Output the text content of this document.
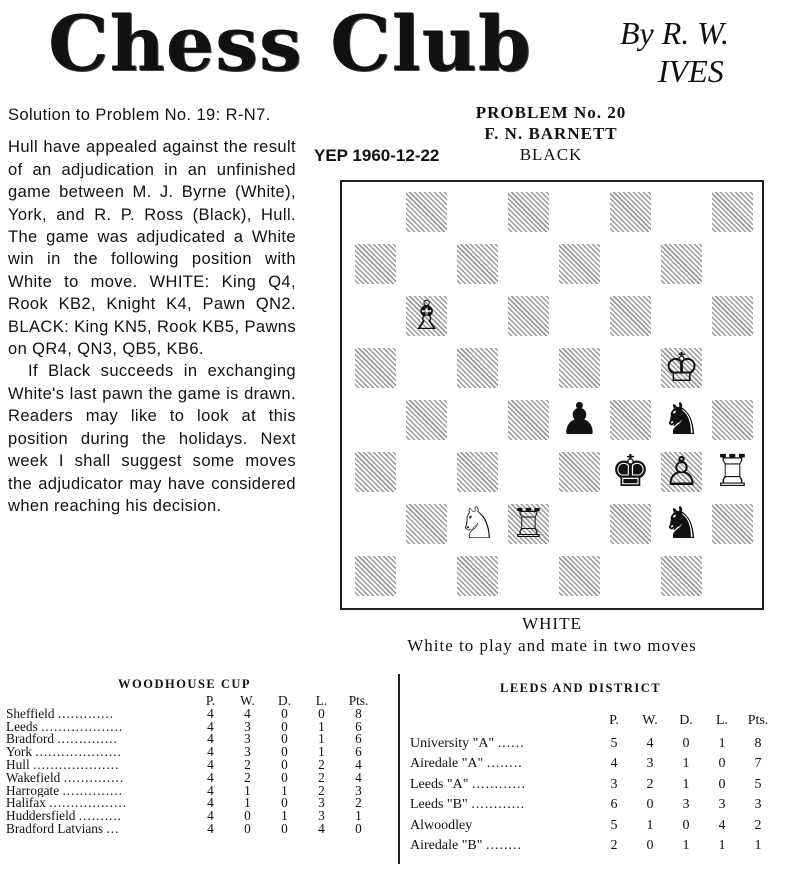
Chess Club	By R. W.
IVES

Solution to Problem No. 19: R-N7.

Hull have appealed against the result of an adjudication in an unfinished game between M. J. Byrne (White), York, and R. P. Ross (Black), Hull. The game was adjudicated a White win in the following position with White to move. WHITE: King Q4, Rook KB2, Knight K4, Pawn QN2. BLACK: King KN5, Rook KB5, Pawns on QR4, QN3, QB5, KB6.

If Black succeeds in exchanging White's last pawn the game is drawn. Readers may like to look at this position during the holidays. Next week I shall suggest some moves the adjudicator may have considered when reaching his decision.

YEP 1960-12-22
PROBLEM No. 20
F. N. BARNETT
BLACK
♗
♔
♟ ♞
♚ ♙ ♖
♘ ♖	♞
WHITE
White to play and mate in two moves
WOODHOUSE CUP
	P.	W.	D.	L.	Pts.
Sheffield .............	4	4	0	0	8
Leeds ...................	4	3	0	1	6
Bradford ..............	4	3	0	1	6
York ....................	4	3	0	1	6
Hull ....................	4	2	0	2	4
Wakefield ..............	4	2	0	2	4
Harrogate ..............	4	1	1	2	3
Halifax ..................	4	1	0	3	2
Huddersfield ..........	4	0	1	3	1
Bradford Latvians ...	4	0	0	4	0
LEEDS AND DISTRICT
	P.	W.	D.	L.	Pts.
University "A" ......	5	4	0	1	8
Airedale "A" ........	4	3	1	0	7
Leeds "A" ............	3	2	1	0	5
Leeds "B" ............	6	0	3	3	3
Alwoodley	5	1	0	4	2
Airedale "B" ........	2	0	1	1	1
